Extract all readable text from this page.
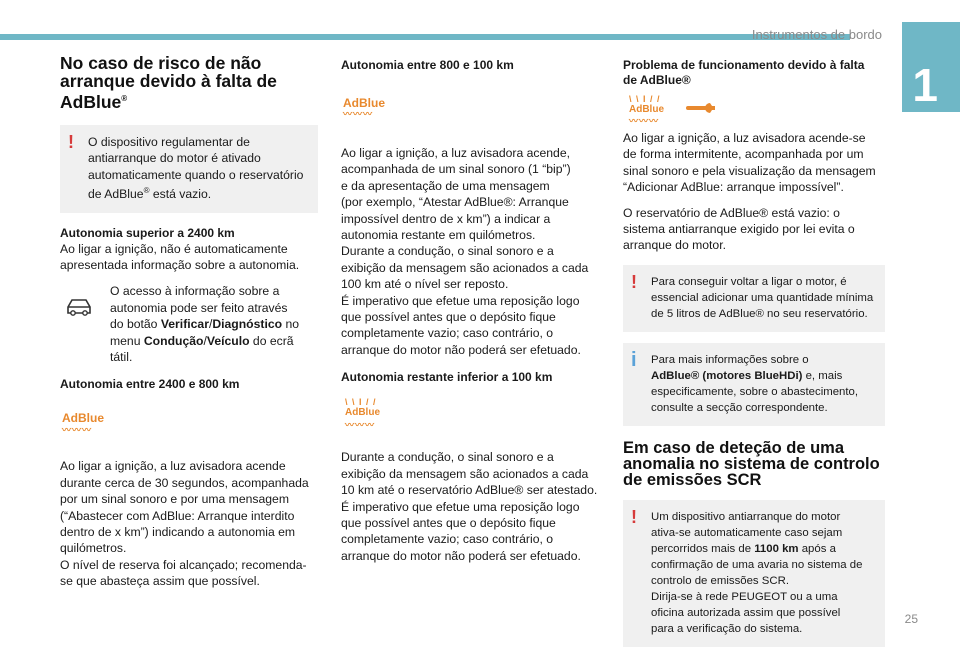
Instrumentos de bordo
1
No caso de risco de não arranque devido à falta de AdBlue®
! O dispositivo regulamentar de

antiarranque do motor é ativado

automaticamente quando o reservatório

de AdBlue® está vazio.

Autonomia superior a 2400 km

Ao ligar a ignição, não é automaticamente

apresentada informação sobre a autonomia.

O acesso à informação sobre a

autonomia pode ser feito através

do botão Verificar/Diagnóstico no

menu Condução/Veículo do ecrã

tátil.

Autonomia entre 2400 e 800 km
AdBlue
〰〰〰

Ao ligar a ignição, a luz avisadora acende

durante cerca de 30 segundos, acompanhada

por um sinal sonoro e por uma mensagem

(“Abastecer com AdBlue: Arranque interdito

dentro de x km”) indicando a autonomia em

quilómetros.

O nível de reserva foi alcançado; recomenda-

se que abasteça assim que possível.

Autonomia entre 800 e 100 km
AdBlue
〰〰〰

Ao ligar a ignição, a luz avisadora acende,

acompanhada de um sinal sonoro (1 “bip”)

e da apresentação de uma mensagem

(por exemplo, “Atestar AdBlue®: Arranque

impossível dentro de x km”) a indicar a

autonomia restante em quilómetros.

Durante a condução, o sinal sonoro e a

exibição da mensagem são acionados a cada

100 km até o nível ser reposto.

É imperativo que efetue uma reposição logo

que possível antes que o depósito fique

completamente vazio; caso contrário, o

arranque do motor não poderá ser efetuado.

Autonomia restante inferior a 100 km
\ \ I / /
AdBlue
〰〰〰

Durante a condução, o sinal sonoro e a

exibição da mensagem são acionados a cada

10 km até o reservatório AdBlue® ser atestado.

É imperativo que efetue uma reposição logo

que possível antes que o depósito fique

completamente vazio; caso contrário, o

arranque do motor não poderá ser efetuado.

Problema de funcionamento devido à falta
de AdBlue®
\ \ I / /
AdBlue
〰〰〰

Ao ligar a ignição, a luz avisadora acende-se

de forma intermitente, acompanhada por um

sinal sonoro e pela visualização da mensagem

“Adicionar AdBlue: arranque impossível”.

O reservatório de AdBlue® está vazio: o

sistema antiarranque exigido por lei evita o

arranque do motor.

! Para conseguir voltar a ligar o motor, é

essencial adicionar uma quantidade mínima

de 5 litros de AdBlue® no seu reservatório.

i Para mais informações sobre o

AdBlue® (motores BlueHDi) e, mais

especificamente, sobre o abastecimento,

consulte a secção correspondente.

Em caso de deteção de uma anomalia no sistema de controlo de emissões SCR
! Um dispositivo antiarranque do motor

ativa-se automaticamente caso sejam

percorridos mais de 1100 km após a

confirmação de uma avaria no sistema de

controlo de emissões SCR.

Dirija-se à rede PEUGEOT ou a uma

oficina autorizada assim que possível

para a verificação do sistema.

25
